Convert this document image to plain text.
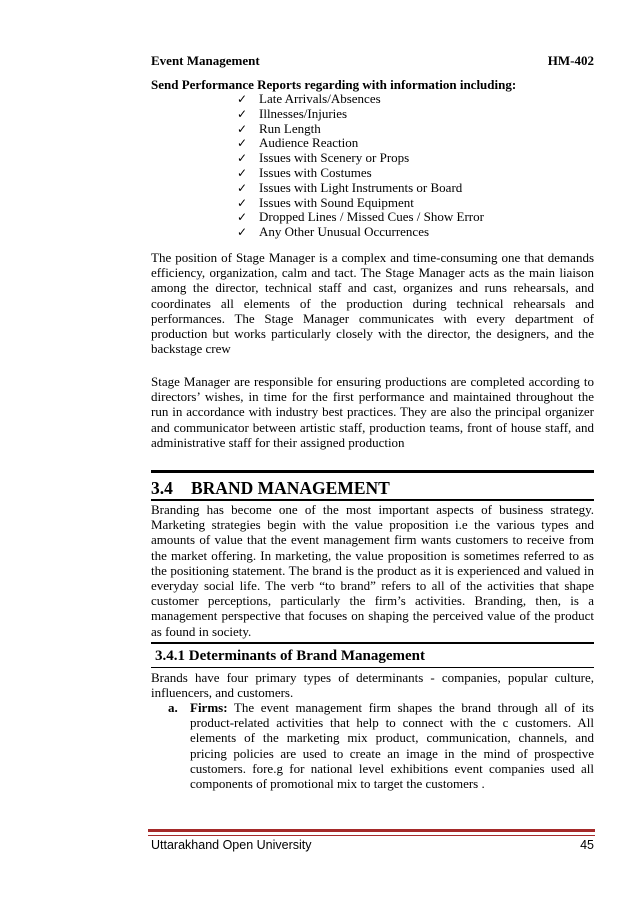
Event Management	HM-402
Send Performance Reports regarding with information including:
✓ Late Arrivals/Absences
✓ Illnesses/Injuries
✓ Run Length
✓ Audience Reaction
✓ Issues with Scenery or Props
✓ Issues with Costumes
✓ Issues with Light Instruments or Board
✓ Issues with Sound Equipment
✓ Dropped Lines / Missed Cues / Show Error
✓ Any Other Unusual Occurrences

The position of Stage Manager is a complex and time-consuming one that demands efficiency, organization, calm and tact. The Stage Manager acts as the main liaison among the director, technical staff and cast, organizes and runs rehearsals, and coordinates all elements of the production during technical rehearsals and performances. The Stage Manager communicates with every department of production but works particularly closely with the director, the designers, and the backstage crew

Stage Manager are responsible for ensuring productions are completed according to directors’ wishes, in time for the first performance and maintained throughout the run in accordance with industry best practices. They are also the principal organizer and communicator between artistic staff, production teams, front of house staff, and administrative staff for their assigned production

3.4 BRAND MANAGEMENT

Branding has become one of the most important aspects of business strategy. Marketing strategies begin with the value proposition i.e the various types and amounts of value that the event management firm wants customers to receive from the market offering. In marketing, the value proposition is sometimes referred to as the positioning statement. The brand is the product as it is experienced and valued in everyday social life. The verb “to brand” refers to all of the activities that shape customer perceptions, particularly the firm’s activities. Branding, then, is a management perspective that focuses on shaping the perceived value of the product as found in society.

3.4.1 Determinants of Brand Management

Brands have four primary types of determinants - companies, popular culture, influencers, and customers.

a. Firms: The event management firm shapes the brand through all of its product-related activities that help to connect with the c customers. All elements of the marketing mix product, communication, channels, and pricing policies are used to create an image in the mind of prospective customers. fore.g for national level exhibitions event companies used all components of promotional mix to target the customers .
Uttarakhand Open University	45
